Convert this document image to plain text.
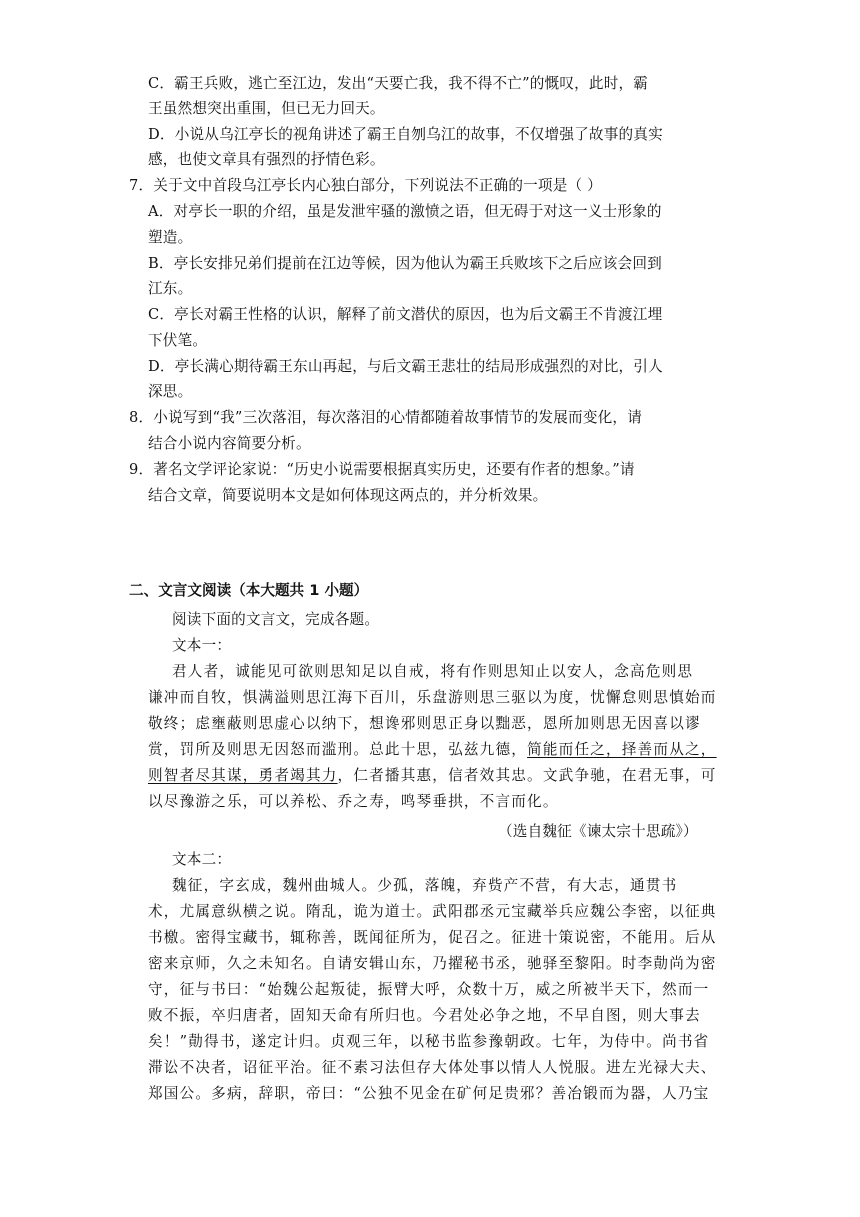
C．霸王兵败，逃亡至江边，发出“天要亡我，我不得不亡”的慨叹，此时，霸
王虽然想突出重围，但已无力回天。
D．小说从乌江亭长的视角讲述了霸王自刎乌江的故事，不仅增强了故事的真实
感，也使文章具有强烈的抒情色彩。
7．关于文中首段乌江亭长内心独白部分，下列说法不正确的一项是（ ）
A．对亭长一职的介绍，虽是发泄牢骚的激愤之语，但无碍于对这一义士形象的
塑造。
B．亭长安排兄弟们提前在江边等候，因为他认为霸王兵败垓下之后应该会回到
江东。
C．亭长对霸王性格的认识，解释了前文潜伏的原因，也为后文霸王不肯渡江埋
下伏笔。
D．亭长满心期待霸王东山再起，与后文霸王悲壮的结局形成强烈的对比，引人
深思。
8．小说写到“我”三次落泪，每次落泪的心情都随着故事情节的发展而变化，请
结合小说内容简要分析。
9．著名文学评论家说：“历史小说需要根据真实历史，还要有作者的想象。”请
结合文章，简要说明本文是如何体现这两点的，并分析效果。
二、文言文阅读（本大题共 1 小题）
阅读下面的文言文，完成各题。
文本一：
君人者，诚能见可欲则思知足以自戒，将有作则思知止以安人，念高危则思
谦冲而自牧，惧满溢则思江海下百川，乐盘游则思三驱以为度，忧懈怠则思慎始而
敬终；虑壅蔽则思虚心以纳下，想谗邪则思正身以黜恶，恩所加则思无因喜以谬
赏，罚所及则思无因怒而滥刑。总此十思，弘兹九德，简能而任之，择善而从之，
则智者尽其谋，勇者竭其力，仁者播其惠，信者效其忠。文武争驰，在君无事，可
以尽豫游之乐，可以养松、乔之寿，鸣琴垂拱，不言而化。
（选自魏征《谏太宗十思疏》）
文本二：
魏征，字玄成，魏州曲城人。少孤，落魄，弃赀产不营，有大志，通贯书
术，尤属意纵横之说。隋乱，诡为道士。武阳郡丞元宝藏举兵应魏公李密，以征典
书檄。密得宝藏书，辄称善，既闻征所为，促召之。征进十策说密，不能用。后从
密来京师，久之未知名。自请安辑山东，乃擢秘书丞，驰驿至黎阳。时李勣尚为密
守，征与书曰：“始魏公起叛徒，振臂大呼，众数十万，威之所被半天下，然而一
败不振，卒归唐者，固知天命有所归也。今君处必争之地，不早自图，则大事去
矣！”勣得书，遂定计归。贞观三年，以秘书监参豫朝政。七年，为侍中。尚书省
滞讼不决者，诏征平治。征不素习法但存大体处事以情人人悦服。进左光禄大夫、
郑国公。多病，辞职，帝曰：“公独不见金在矿何足贵邪？善冶锻而为器，人乃宝
